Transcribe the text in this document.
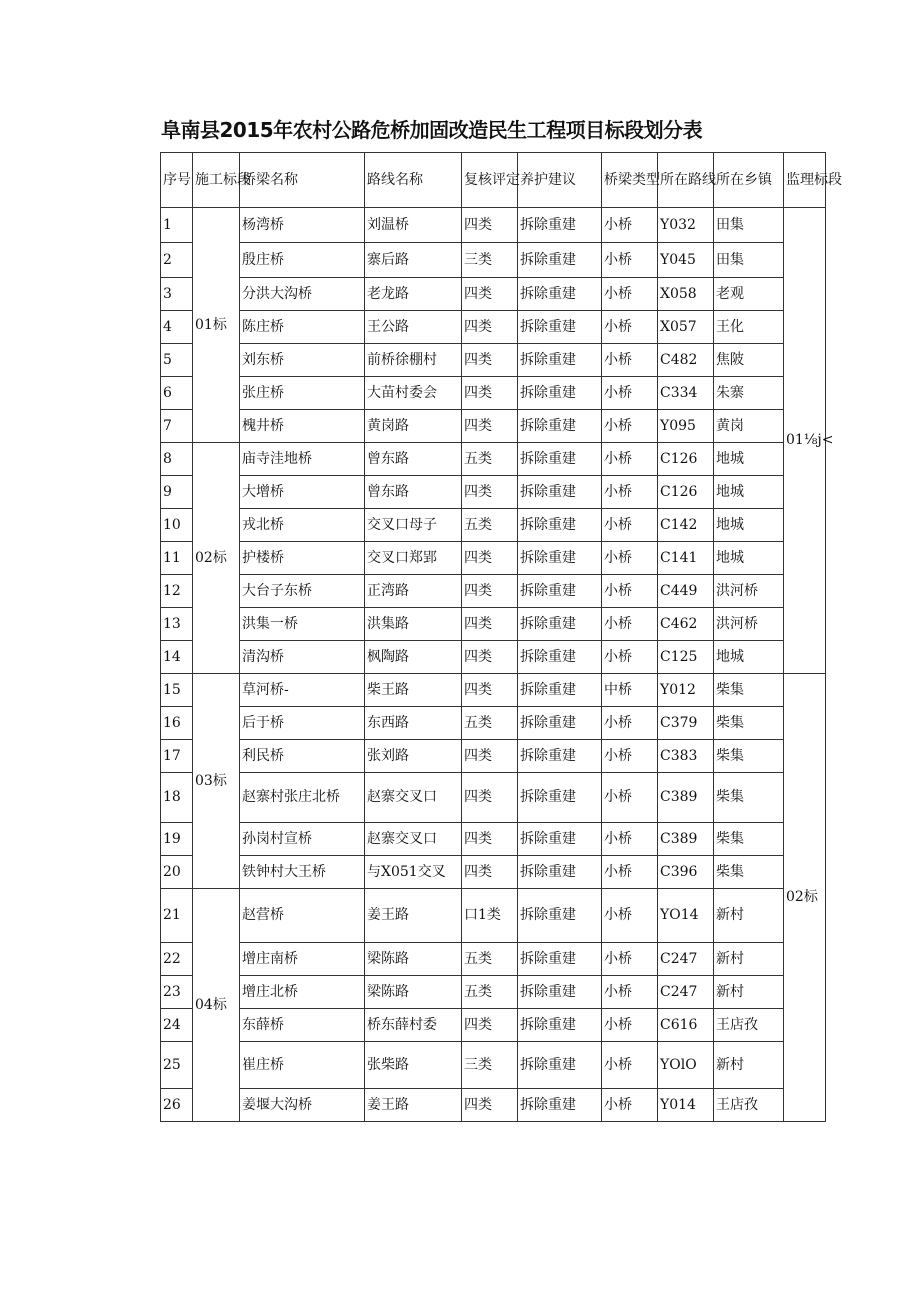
阜南县2015年农村公路危桥加固改造民生工程项目标段划分表
序号	施工标段	桥梁名称	路线名称	复核评定	养护建议	桥梁类型	所在路线	所在乡镇	监理标段
1	01标	杨湾桥	刘温桥	四类	拆除重建	小桥	Y032	田集	01⅛j<
2		殷庄桥	寨后路	三类	拆除重建	小桥	Y045	田集	
3		分洪大沟桥	老龙路	四类	拆除重建	小桥	X058	老观	
4		陈庄桥	王公路	四类	拆除重建	小桥	X057	王化	
5		刘东桥	前桥徐棚村	四类	拆除重建	小桥	C482	焦陂	
6		张庄桥	大苗村委会	四类	拆除重建	小桥	C334	朱寨	
7		槐井桥	黄岗路	四类	拆除重建	小桥	Y095	黄岗	
8	02标	庙寺洼地桥	曾东路	五类	拆除重建	小桥	C126	地城	
9		大增桥	曾东路	四类	拆除重建	小桥	C126	地城	
10		戎北桥	交叉口母子	五类	拆除重建	小桥	C142	地城	
11		护楼桥	交叉口郑郢	四类	拆除重建	小桥	C141	地城	
12		大台子东桥	正湾路	四类	拆除重建	小桥	C449	洪河桥	
13		洪集一桥	洪集路	四类	拆除重建	小桥	C462	洪河桥	
14		清沟桥	枫陶路	四类	拆除重建	小桥	C125	地城	
15	03标	草河桥-	柴王路	四类	拆除重建	中桥	Y012	柴集	02标
16		后于桥	东西路	五类	拆除重建	小桥	C379	柴集	
17		利民桥	张刘路	四类	拆除重建	小桥	C383	柴集	
18		赵寨村张庄北桥	赵寨交叉口	四类	拆除重建	小桥	C389	柴集	
19		孙岗村宣桥	赵寨交叉口	四类	拆除重建	小桥	C389	柴集	
20		铁钟村大王桥	与X051交叉	四类	拆除重建	小桥	C396	柴集	
21	04标	赵营桥	姜王路	口1类	拆除重建	小桥	YO14	新村	
22		增庄南桥	梁陈路	五类	拆除重建	小桥	C247	新村	
23		增庄北桥	梁陈路	五类	拆除重建	小桥	C247	新村	
24		东薛桥	桥东薛村委	四类	拆除重建	小桥	C616	王店孜	
25		崔庄桥	张柴路	三类	拆除重建	小桥	YOlO	新村	
26		姜堰大沟桥	姜王路	四类	拆除重建	小桥	Y014	王店孜	
